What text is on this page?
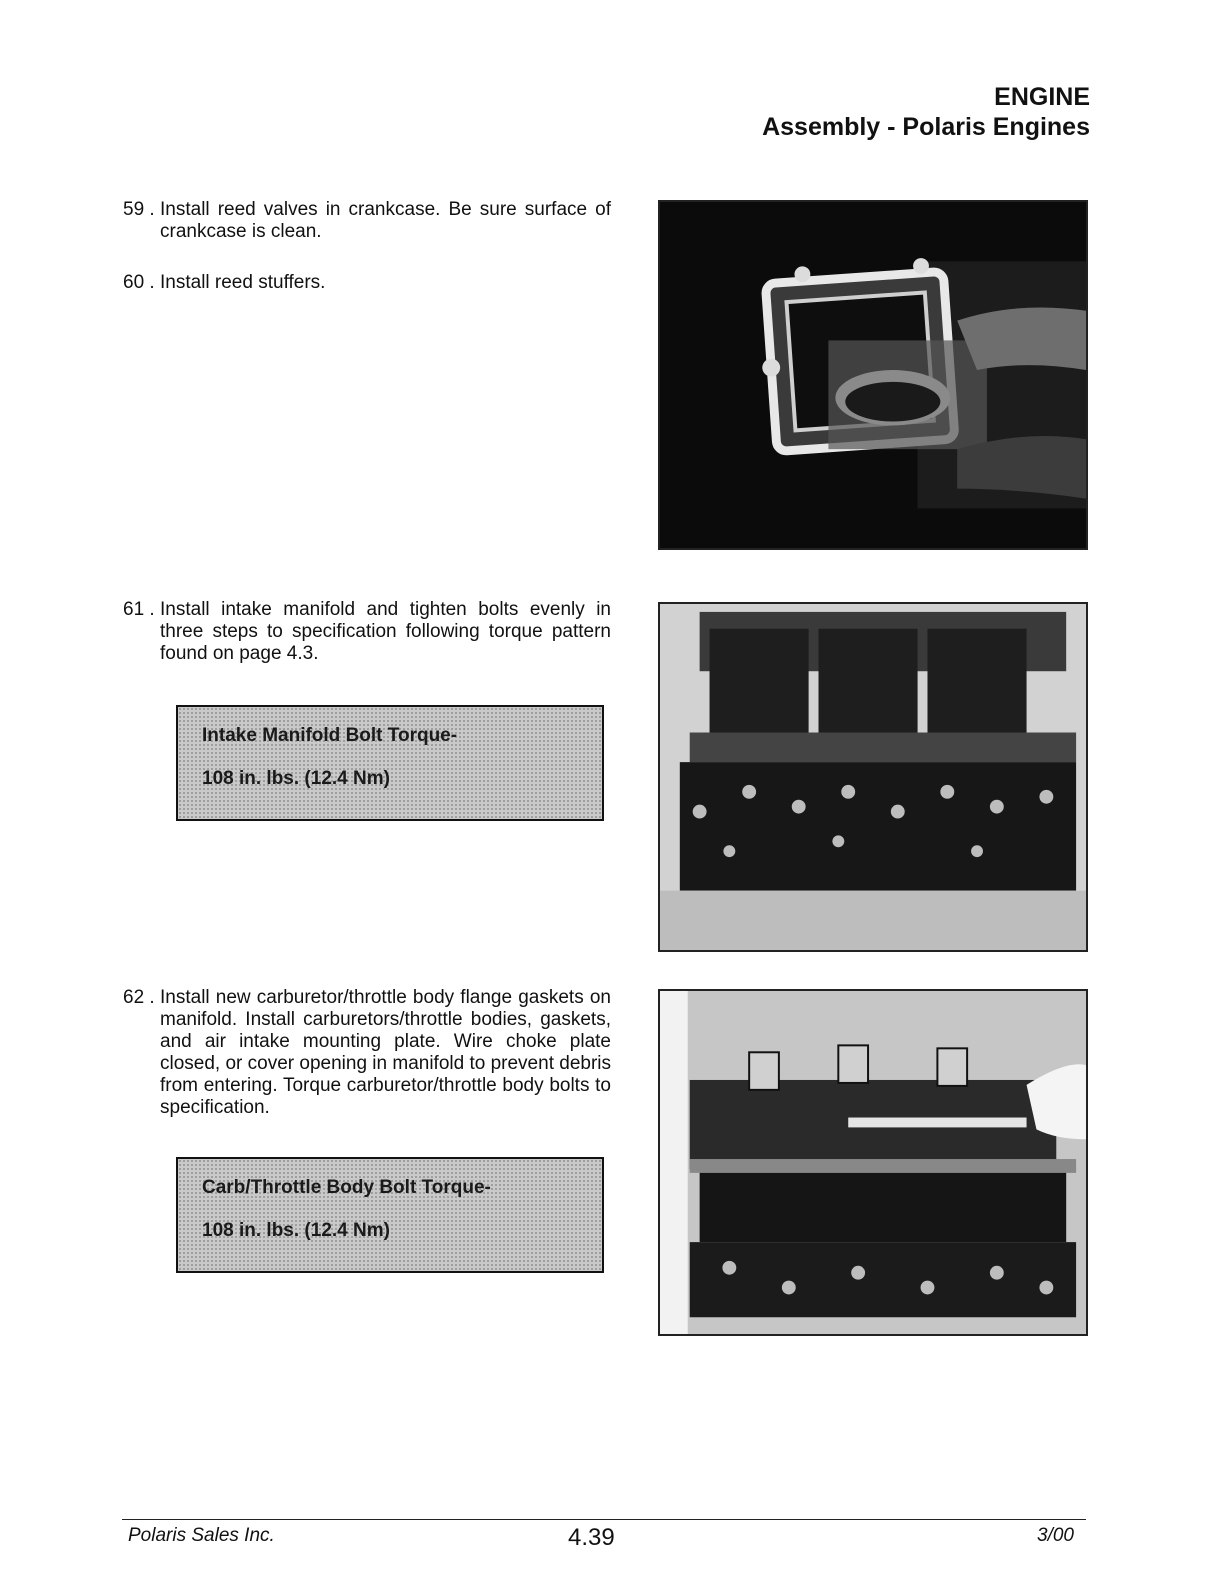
ENGINE
Assembly - Polaris Engines
59 . Install reed valves in crankcase. Be sure surface of crankcase is clean.
60 . Install reed stuffers.
61 . Install intake manifold and tighten bolts evenly in three steps to specification following torque pattern found on page 4.3.
Intake Manifold Bolt Torque-
108 in. lbs. (12.4 Nm)
62 . Install new carburetor/throttle body flange gaskets on manifold. Install carburetors/throttle bodies, gaskets, and air intake mounting plate. Wire choke plate closed, or cover opening in manifold to prevent debris from entering. Torque carburetor/throttle body bolts to specification.
Carb/Throttle Body Bolt Torque-
108 in. lbs. (12.4 Nm)
Polaris Sales Inc.	4.39	3/00
